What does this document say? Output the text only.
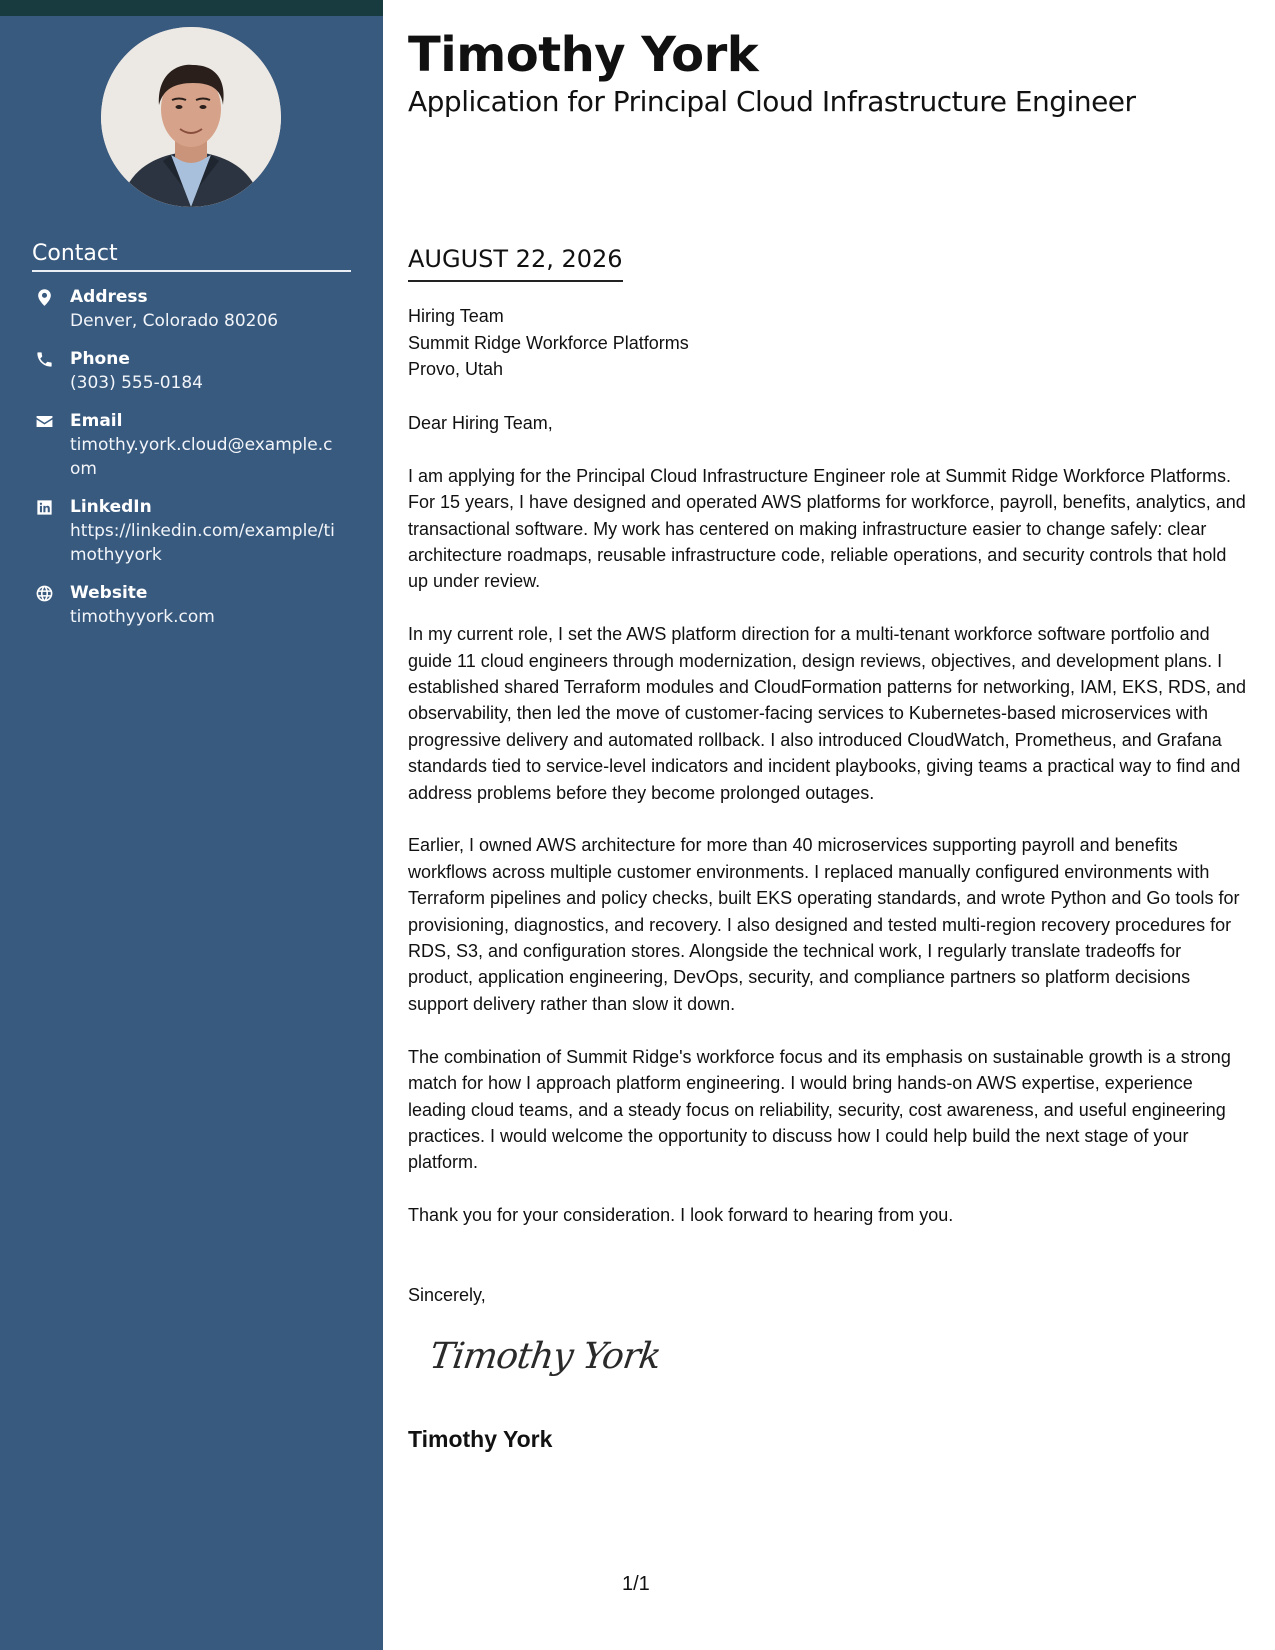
Contact
Address
Denver, Colorado 80206
Phone
(303) 555-0184
Email
timothy.york.cloud@example.com
LinkedIn
https://linkedin.com/example/timothyyork
Website
timothyyork.com
Timothy York
Application for Principal Cloud Infrastructure Engineer
AUGUST 22, 2026
Hiring Team
Summit Ridge Workforce Platforms
Provo, Utah

Dear Hiring Team,

I am applying for the Principal Cloud Infrastructure Engineer role at Summit Ridge Workforce Platforms. For 15 years, I have designed and operated AWS platforms for workforce, payroll, benefits, analytics, and transactional software. My work has centered on making infrastructure easier to change safely: clear architecture roadmaps, reusable infrastructure code, reliable operations, and security controls that hold up under review.

In my current role, I set the AWS platform direction for a multi-tenant workforce software portfolio and guide 11 cloud engineers through modernization, design reviews, objectives, and development plans. I established shared Terraform modules and CloudFormation patterns for networking, IAM, EKS, RDS, and observability, then led the move of customer-facing services to Kubernetes-based microservices with progressive delivery and automated rollback. I also introduced CloudWatch, Prometheus, and Grafana standards tied to service-level indicators and incident playbooks, giving teams a practical way to find and address problems before they become prolonged outages.

Earlier, I owned AWS architecture for more than 40 microservices supporting payroll and benefits workflows across multiple customer environments. I replaced manually configured environments with Terraform pipelines and policy checks, built EKS operating standards, and wrote Python and Go tools for provisioning, diagnostics, and recovery. I also designed and tested multi-region recovery procedures for RDS, S3, and configuration stores. Alongside the technical work, I regularly translate tradeoffs for product, application engineering, DevOps, security, and compliance partners so platform decisions support delivery rather than slow it down.

The combination of Summit Ridge's workforce focus and its emphasis on sustainable growth is a strong match for how I approach platform engineering. I would bring hands-on AWS expertise, experience leading cloud teams, and a steady focus on reliability, security, cost awareness, and useful engineering practices. I would welcome the opportunity to discuss how I could help build the next stage of your platform.

Thank you for your consideration. I look forward to hearing from you.

Sincerely,
Timothy York
Timothy York
1/1
